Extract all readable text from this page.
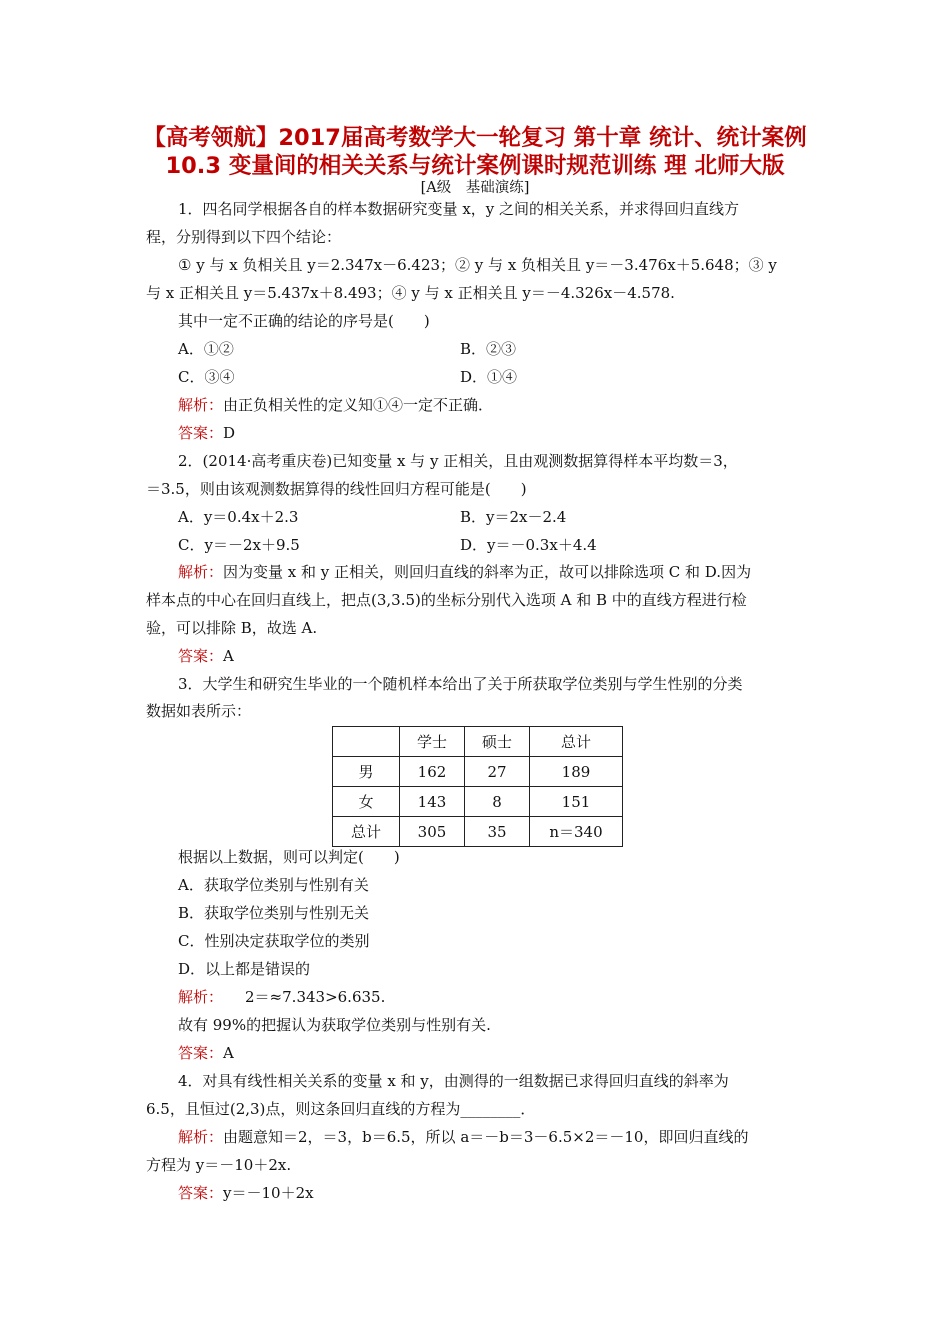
【高考领航】2017届高考数学大一轮复习 第十章 统计、统计案例
10.3 变量间的相关关系与统计案例课时规范训练 理 北师大版
[A级　基础演练]
1．四名同学根据各自的样本数据研究变量 x，y 之间的相关关系，并求得回归直线方
程，分别得到以下四个结论：
① y 与 x 负相关且 y＝2.347x－6.423；② y 与 x 负相关且 y＝－3.476x＋5.648；③ y
与 x 正相关且 y＝5.437x＋8.493；④ y 与 x 正相关且 y＝－4.326x－4.578.
其中一定不正确的结论的序号是(　　)
A．①②	B．②③
C．③④	D．①④
解析：由正负相关性的定义知①④一定不正确．
答案：D
2．(2014·高考重庆卷)已知变量 x 与 y 正相关，且由观测数据算得样本平均数＝3，
＝3.5，则由该观测数据算得的线性回归方程可能是(　　)
A．y＝0.4x＋2.3	B．y＝2x－2.4
C．y＝－2x＋9.5	D．y＝－0.3x＋4.4
解析：因为变量 x 和 y 正相关，则回归直线的斜率为正，故可以排除选项 C 和 D.因为
样本点的中心在回归直线上，把点(3,3.5)的坐标分别代入选项 A 和 B 中的直线方程进行检
验，可以排除 B，故选 A.
答案：A
3．大学生和研究生毕业的一个随机样本给出了关于所获取学位类别与学生性别的分类
数据如表所示：
	学士	硕士	总计
男	162	27	189
女	143	8	151
总计	305	35	n＝340
根据以上数据，则可以判定(　　)
A．获取学位类别与性别有关
B．获取学位类别与性别无关
C．性别决定获取学位的类别
D．以上都是错误的
解析： 2＝≈7.343>6.635.
故有 99%的把握认为获取学位类别与性别有关.
答案：A
4．对具有线性相关关系的变量 x 和 y，由测得的一组数据已求得回归直线的斜率为
6.5，且恒过(2,3)点，则这条回归直线的方程为________．
解析：由题意知＝2，＝3，b＝6.5，所以 a＝－b＝3－6.5×2＝－10，即回归直线的
方程为 y＝－10＋2x.
答案：y＝－10＋2x
